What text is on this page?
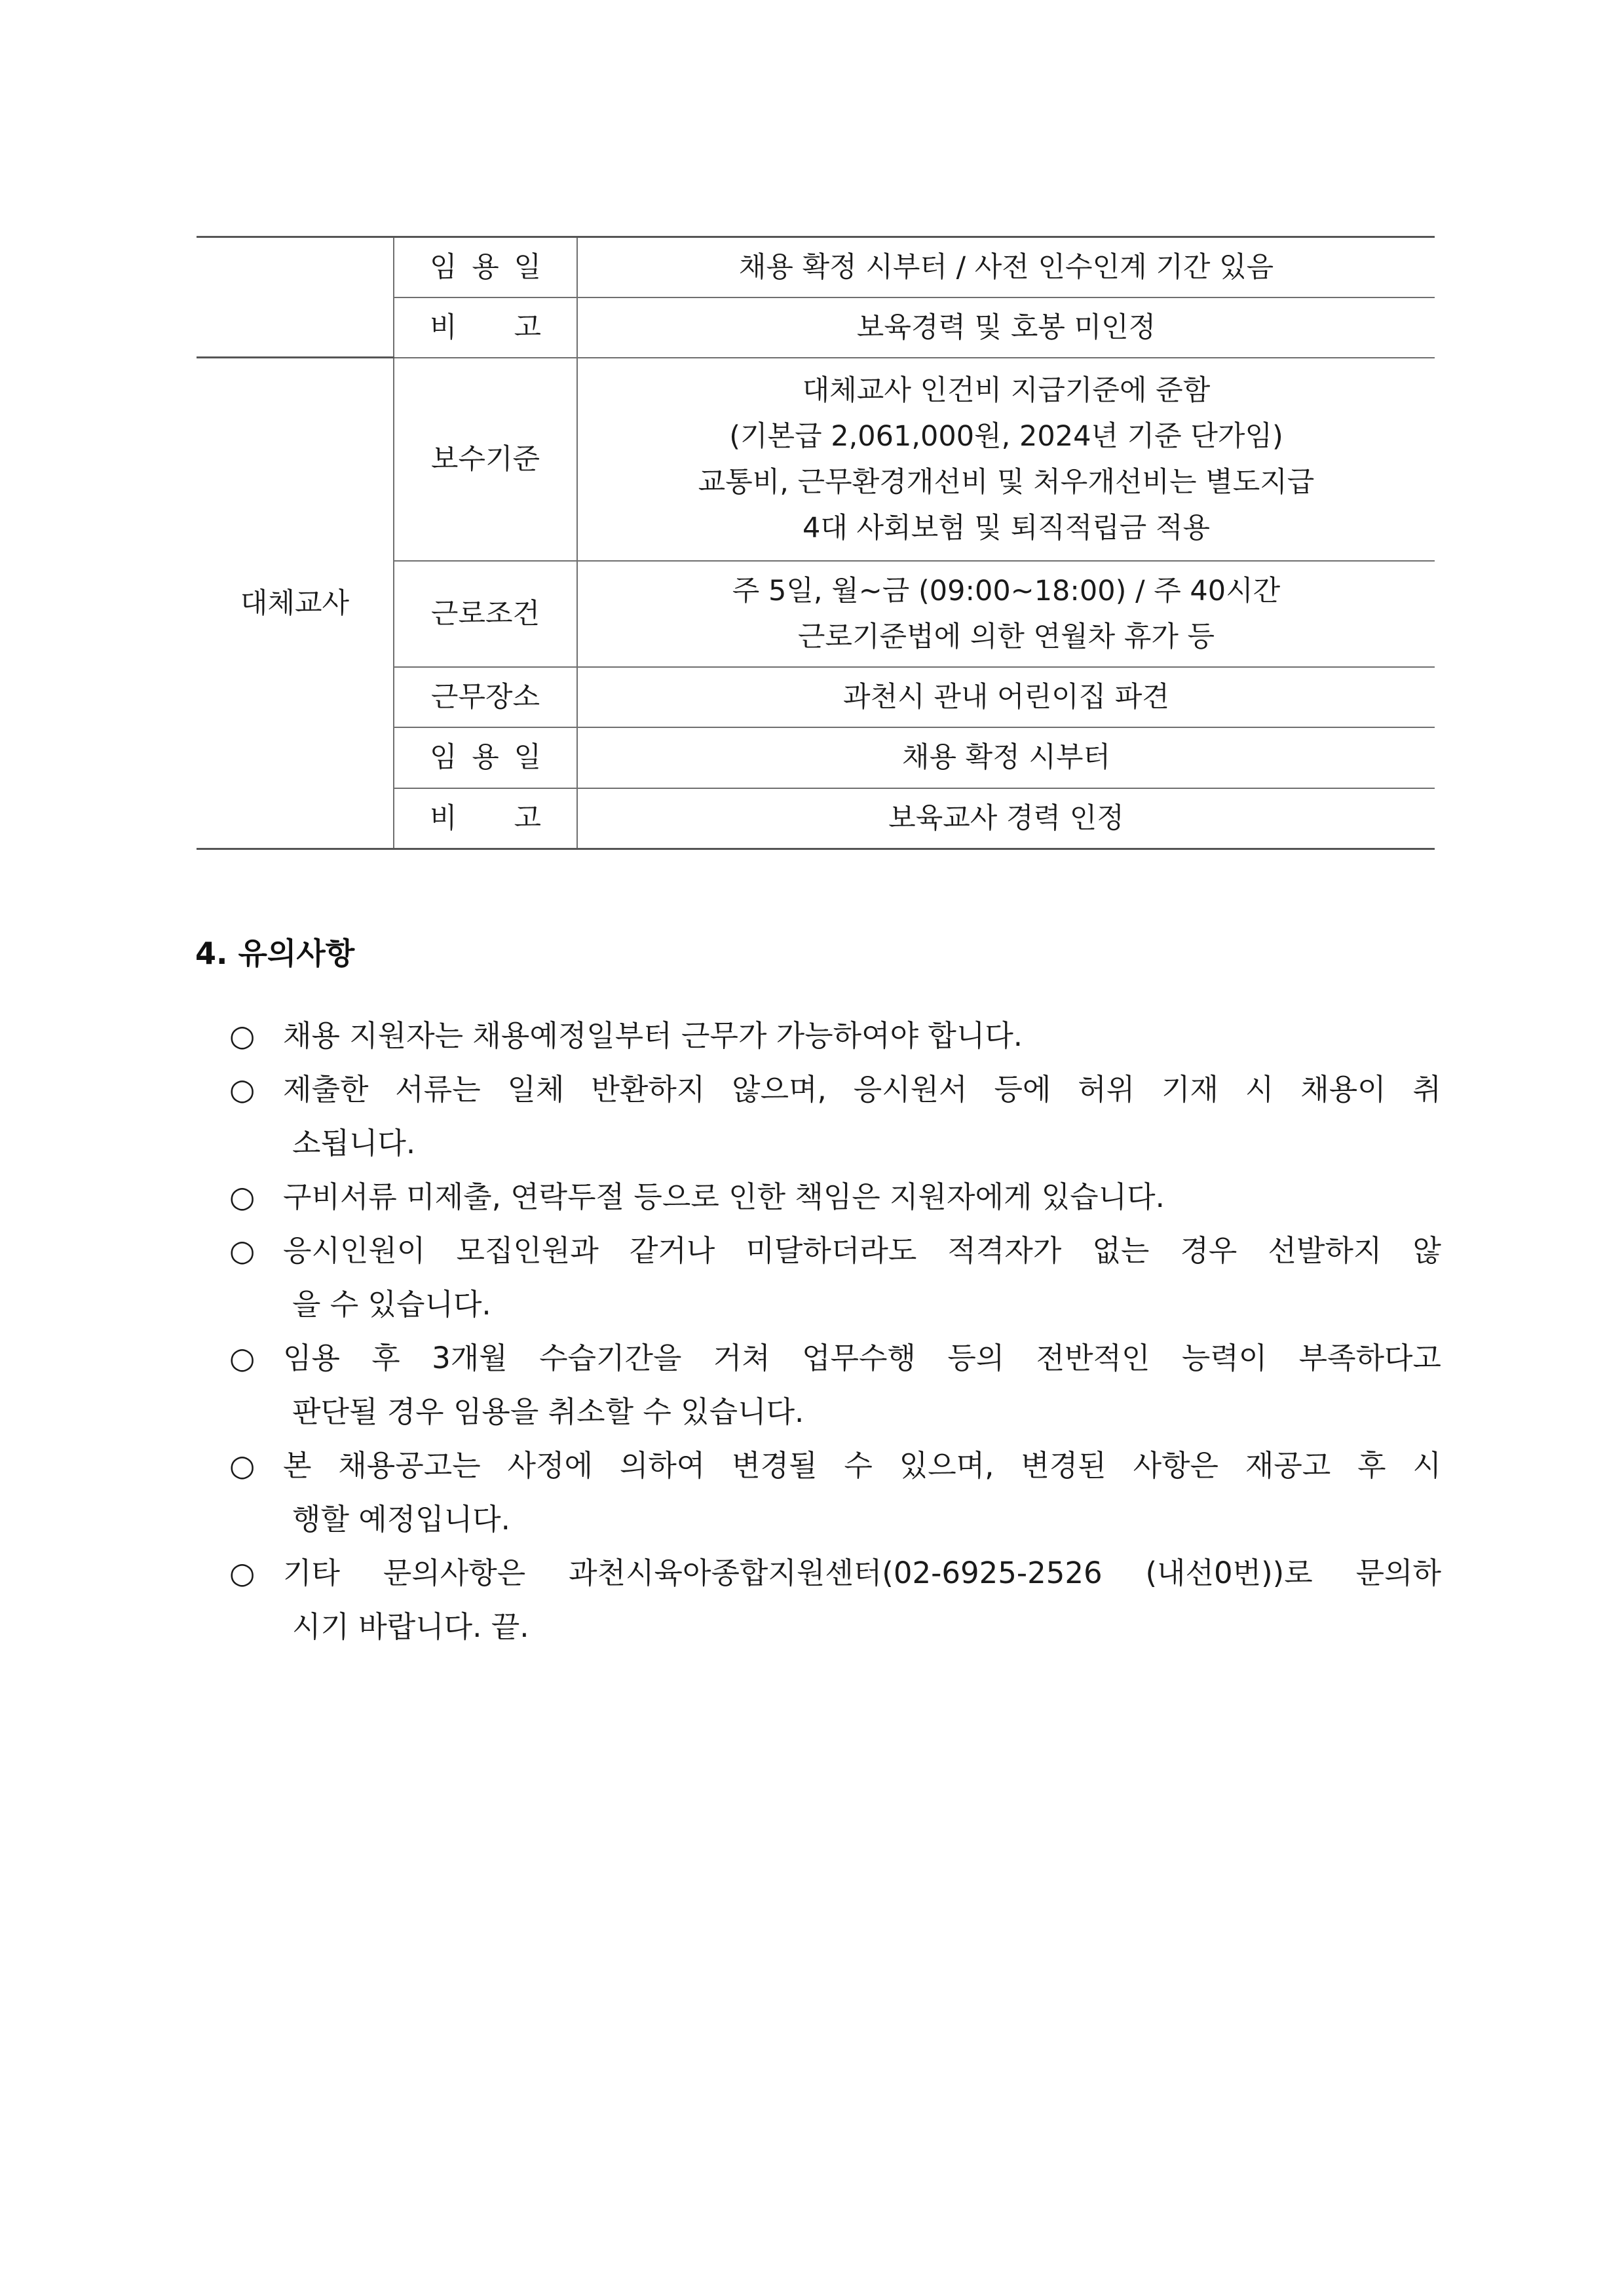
	임 용 일	채용 확정 시부터 / 사전 인수인계 기간 있음
	비 고	보육경력 및 호봉 미인정
대체교사	보수기준	대체교사 인건비 지급기준에 준함
(기본급 2,061,000원, 2024년 기준 단가임)
교통비, 근무환경개선비 및 처우개선비는 별도지급
4대 사회보험 및 퇴직적립금 적용

	근로조건	주 5일, 월~금 (09:00~18:00) / 주 40시간
근로기준법에 의한 연월차 휴가 등

	근무장소	과천시 관내 어린이집 파견
	임 용 일	채용 확정 시부터
	비 고	보육교사 경력 인정
4. 유의사항

○ 채용 지원자는 채용예정일부터 근무가 가능하여야 합니다.

○ 제출한 서류는 일체 반환하지 않으며, 응시원서 등에 허위 기재 시 채용이 취
소됩니다.

○ 구비서류 미제출, 연락두절 등으로 인한 책임은 지원자에게 있습니다.

○ 응시인원이 모집인원과 같거나 미달하더라도 적격자가 없는 경우 선발하지 않
을 수 있습니다.

○ 임용 후 3개월 수습기간을 거쳐 업무수행 등의 전반적인 능력이 부족하다고
판단될 경우 임용을 취소할 수 있습니다.

○ 본 채용공고는 사정에 의하여 변경될 수 있으며, 변경된 사항은 재공고 후 시
행할 예정입니다.

○ 기타 문의사항은 과천시육아종합지원센터(02-6925-2526 (내선0번))로 문의하
시기 바랍니다. 끝.
